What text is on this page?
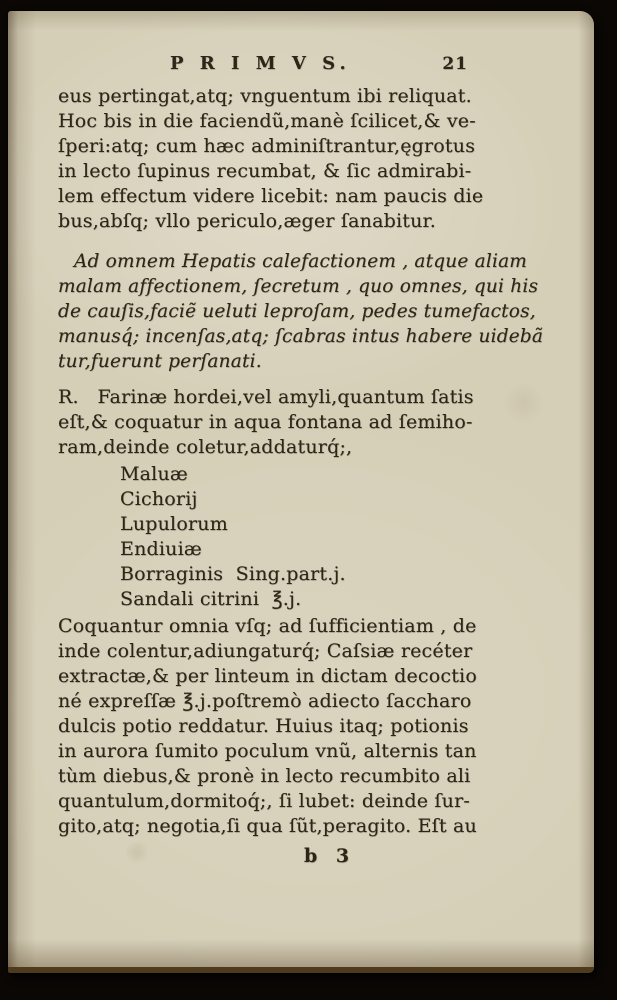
P R I M V S.	21
eus pertingat,atq; vnguentum ibi reliquat.
Hoc bis in die faciendũ,manè ſcilicet,& ve-
ſperi:atq; cum hæc adminiſtrantur,ęgrotus
in lecto ſupinus recumbat, & ſic admirabi-
lem effectum videre licebit: nam paucis die
bus,abſq; vllo periculo,æger ſanabitur.
Ad omnem Hepatis calefactionem , atque aliam
malam affectionem, ſecretum , quo omnes, qui his
de cauſis,faciẽ ueluti leproſam, pedes tumefactos,
manusq́; incenſas,atq; ſcabras intus habere uidebã
tur,fuerunt perſanati.
R.   Farinæ hordei,vel amyli,quantum ſatis
eſt,& coquatur in aqua fontana ad ſemiho-
ram,deinde coletur,addaturq́;,
Maluæ
Cichorij
Lupulorum
Endiuiæ
Borraginis  Sing.part.j.
Sandali citrini  ℥.j.
Coquantur omnia vſq; ad ſufficientiam , de
inde colentur,adiungaturq́; Caſsiæ recéter
extractæ,& per linteum in dictam decoctio
né expreſſæ ℥.j.poſtremò adiecto ſaccharo
dulcis potio reddatur. Huius itaq; potionis
in aurora ſumito poculum vnũ, alternis tan
tùm diebus,& pronè in lecto recumbito ali
quantulum,dormitoq́;, ſi lubet: deinde ſur-
gito,atq; negotia,ſi qua ſũt,peragito. Eſt au
b 3
